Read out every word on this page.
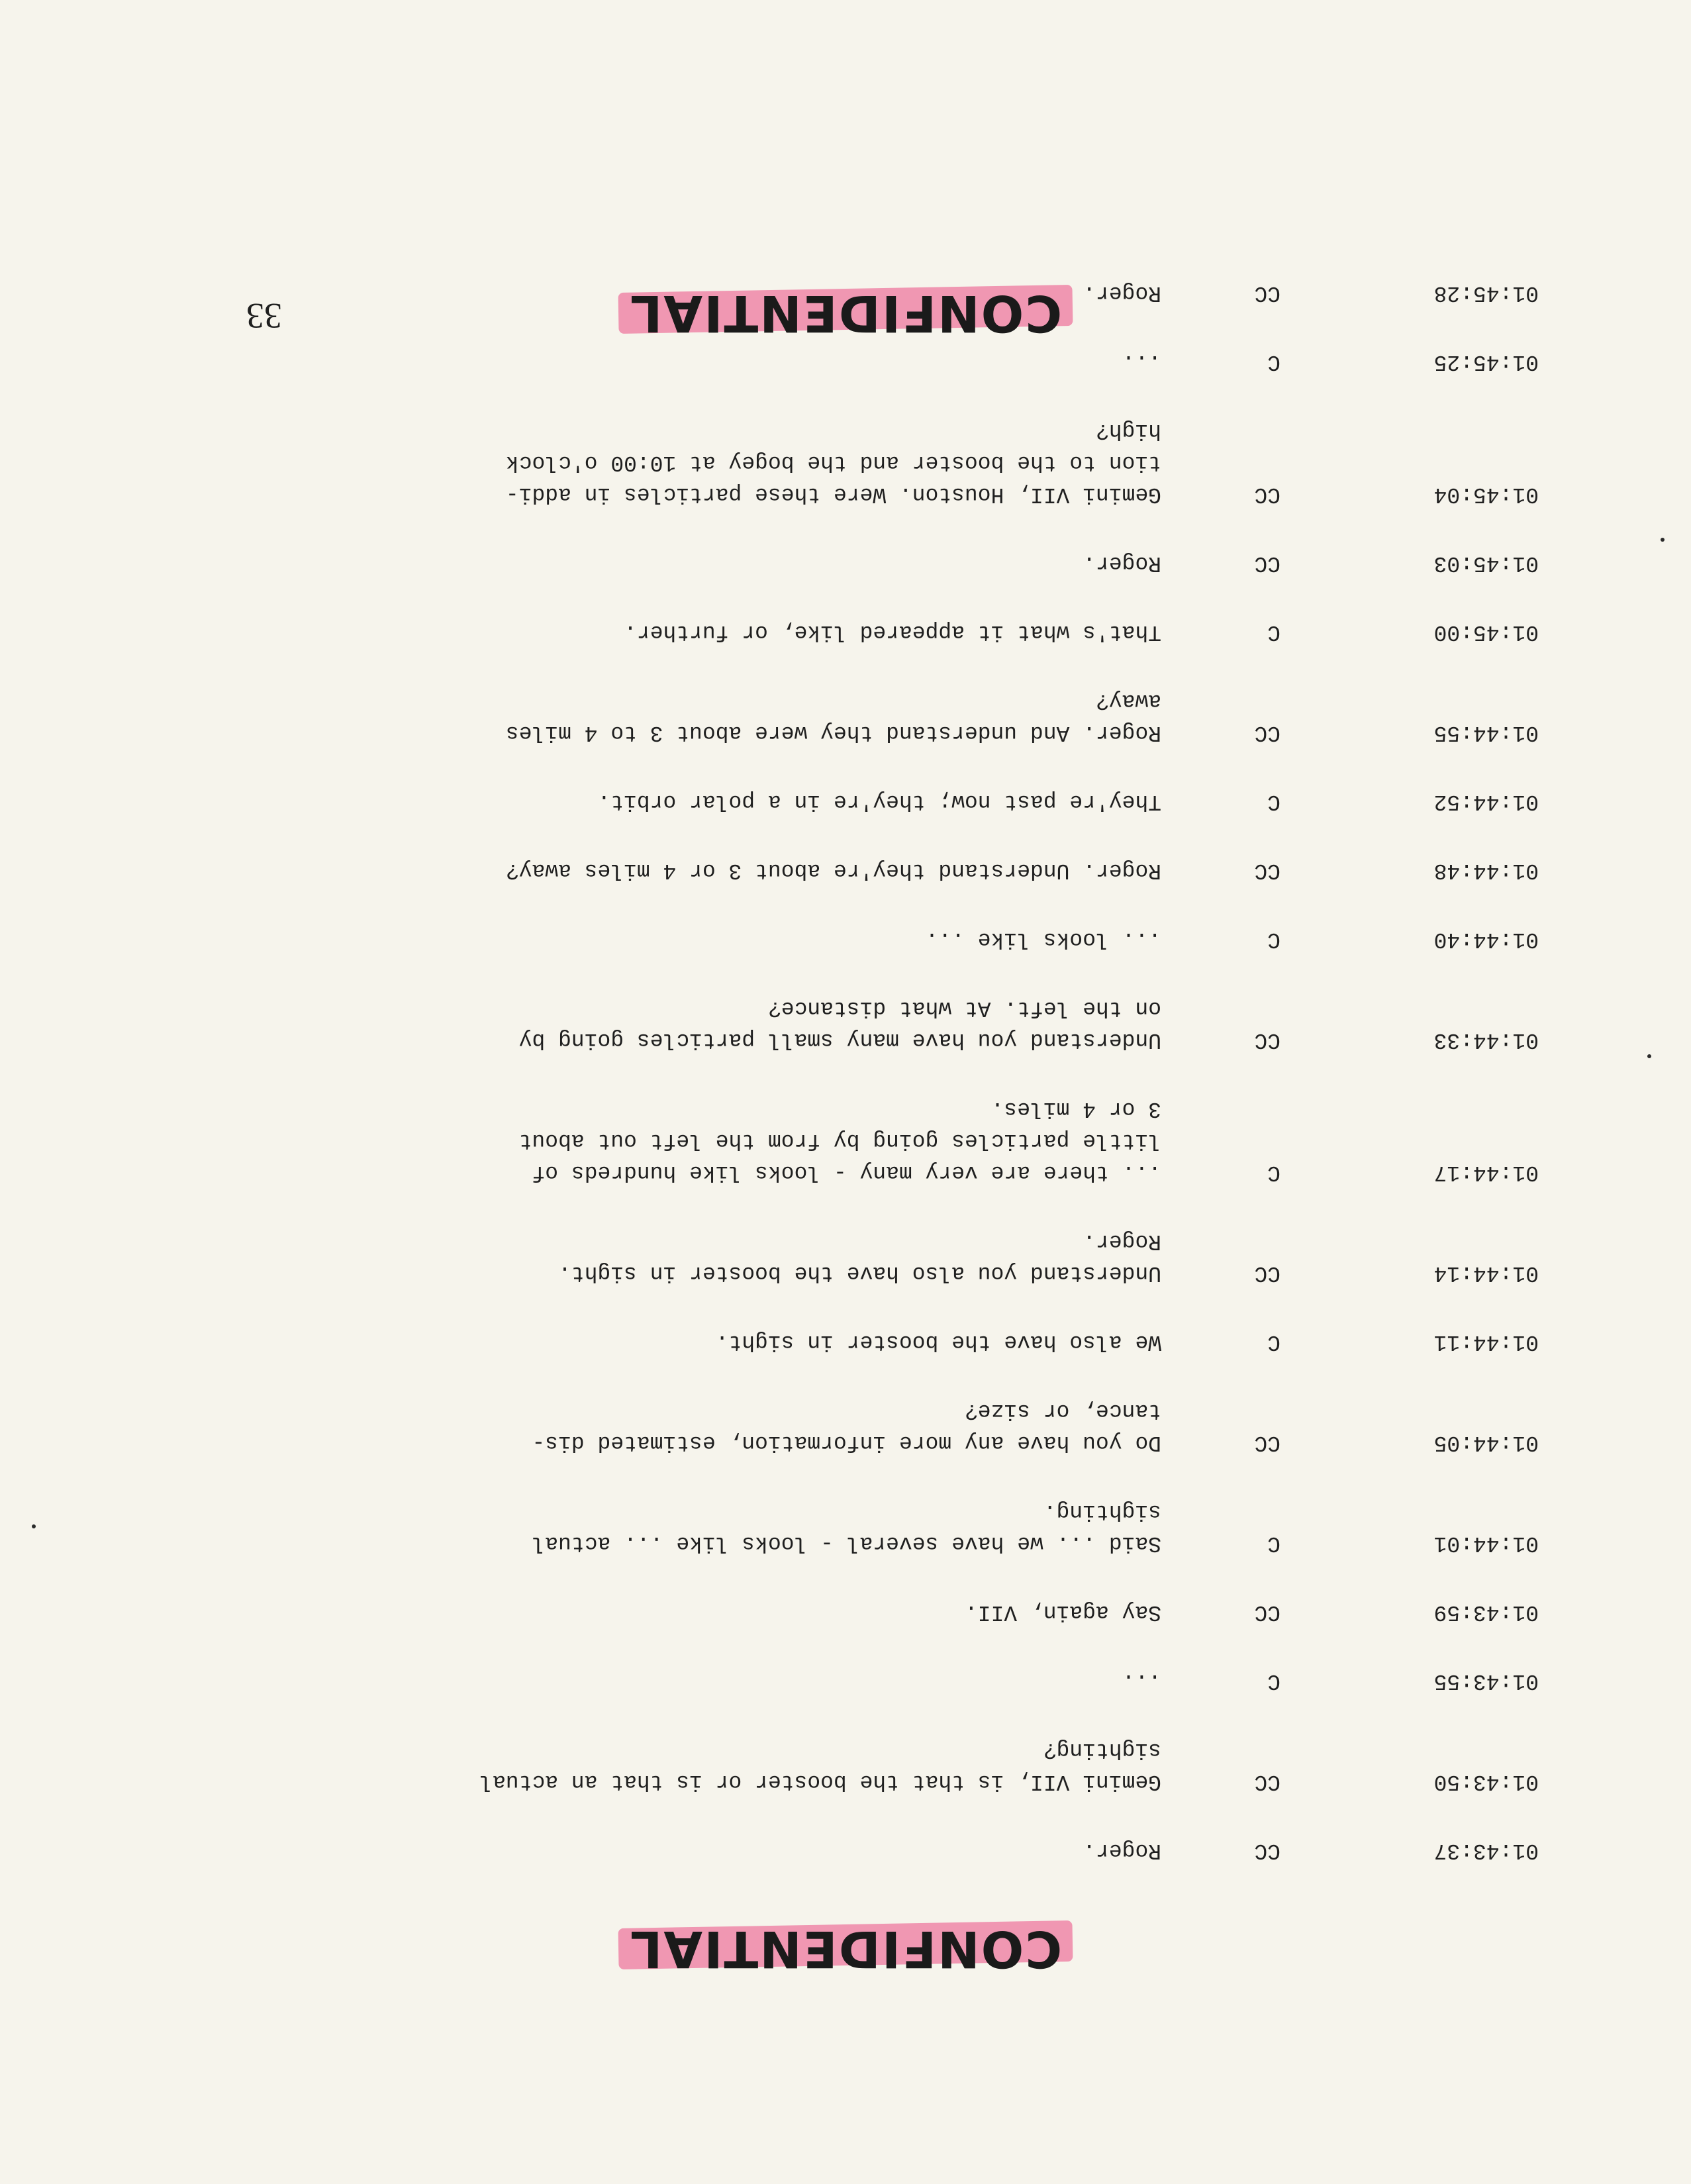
CONFIDENTIAL
01:43:37
CC
Roger.
01:43:50
CC
Gemini VII, is that the booster or is that an actual
sighting?
01:43:55
C
...
01:43:59
CC
Say again, VII.
01:44:01
C
Said ... we have several - looks like ... actual
sighting.
01:44:05
CC
Do you have any more information, estimated dis-
tance, or size?
01:44:11
C
We also have the booster in sight.
01:44:14
CC
Understand you also have the booster in sight.
Roger.
01:44:17
C
... there are very many - looks like hundreds of
little particles going by from the left out about
3 or 4 miles.
01:44:33
CC
Understand you have many small particles going by
on the left. At what distance?
01:44:40
C
... looks like ...
01:44:48
CC
Roger. Understand they're about 3 or 4 miles away?
01:44:52
C
They're past now; they're in a polar orbit.
01:44:55
CC
Roger. And understand they were about 3 to 4 miles
away?
01:45:00
C
That's what it appeared like, or further.
01:45:03
CC
Roger.
01:45:04
CC
Gemini VII, Houston. Were these particles in addi-
tion to the booster and the bogey at 10:00 o'clock
high?
01:45:25
C
...
01:45:28
CC
Roger.
CONFIDENTIAL
33
